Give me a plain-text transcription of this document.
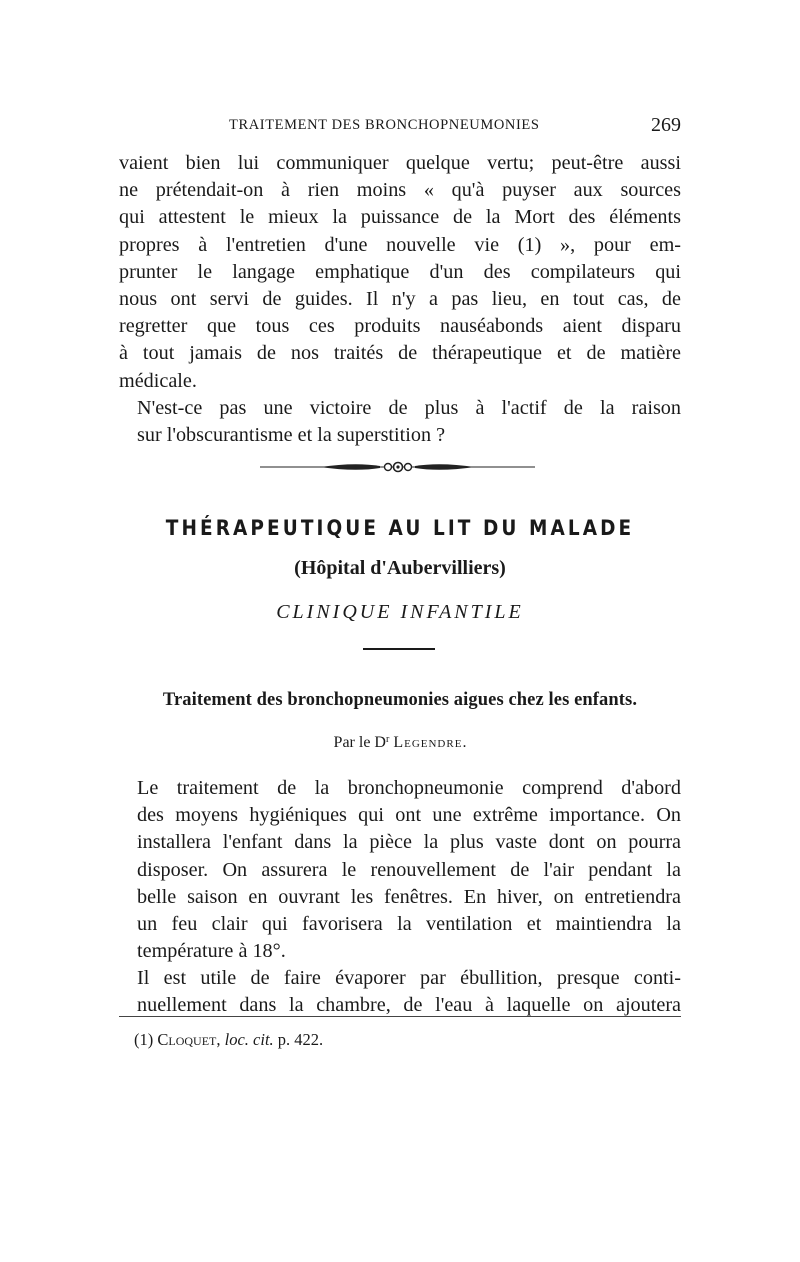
TRAITEMENT DES BRONCHOPNEUMONIES	269

vaient bien lui communiquer quelque vertu; peut-être aussi
ne prétendait-on à rien moins « qu'à puyser aux sources
qui attestent le mieux la puissance de la Mort des éléments
propres à l'entretien d'une nouvelle vie (1) », pour em-
prunter le langage emphatique d'un des compilateurs qui
nous ont servi de guides. Il n'y a pas lieu, en tout cas, de
regretter que tous ces produits nauséabonds aient disparu
à tout jamais de nos traités de thérapeutique et de matière
médicale.

N'est-ce pas une victoire de plus à l'actif de la raison
sur l'obscurantisme et la superstition ?

THÉRAPEUTIQUE AU LIT DU MALADE
(Hôpital d'Aubervilliers)
CLINIQUE INFANTILE
Traitement des bronchopneumonies aigues chez les enfants.
Par le $D^r$ Legendre.

Le traitement de la bronchopneumonie comprend d'abord
des moyens hygiéniques qui ont une extrême importance. On
installera l'enfant dans la pièce la plus vaste dont on pourra
disposer. On assurera le renouvellement de l'air pendant la
belle saison en ouvrant les fenêtres. En hiver, on entretiendra
un feu clair qui favorisera la ventilation et maintiendra la
température à 18°.

Il est utile de faire évaporer par ébullition, presque conti-
nuellement dans la chambre, de l'eau à laquelle on ajoutera

(1) Cloquet, loc. cit. p. 422.
